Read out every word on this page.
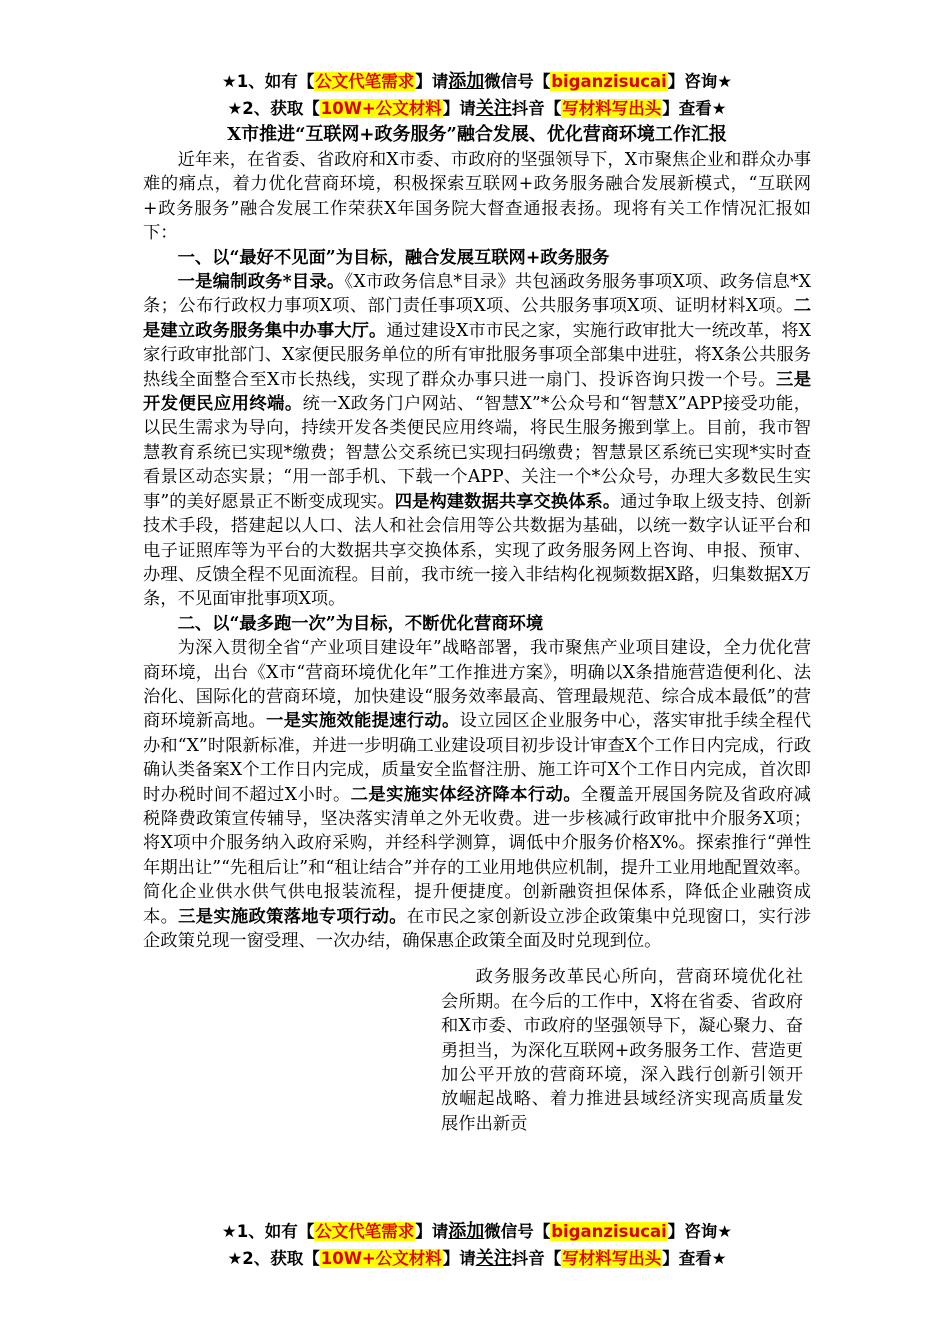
★1、如有【公文代笔需求】请添加微信号【biganzisucai】咨询★
★2、获取【10W+公文材料】请关注抖音【写材料写出头】查看★
X市推进“互联网+政务服务”融合发展、优化营商环境工作汇报

近年来，在省委、省政府和X市委、市政府的坚强领导下，X市聚焦企业和群众办事难的痛点，着力优化营商环境，积极探索互联网+政务服务融合发展新模式，“互联网+政务服务”融合发展工作荣获X年国务院大督查通报表扬。现将有关工作情况汇报如下：

一、以“最好不见面”为目标，融合发展互联网+政务服务

一是编制政务*目录。《X市政务信息*目录》共包涵政务服务事项X项、政务信息*X条；公布行政权力事项X项、部门责任事项X项、公共服务事项X项、证明材料X项。二是建立政务服务集中办事大厅。通过建设X市市民之家，实施行政审批大一统改革，将X家行政审批部门、X家便民服务单位的所有审批服务事项全部集中进驻，将X条公共服务热线全面整合至X市长热线，实现了群众办事只进一扇门、投诉咨询只拨一个号。三是开发便民应用终端。统一X政务门户网站、“智慧X”*公众号和“智慧X”APP接受功能，以民生需求为导向，持续开发各类便民应用终端，将民生服务搬到掌上。目前，我市智慧教育系统已实现*缴费；智慧公交系统已实现扫码缴费；智慧景区系统已实现*实时查看景区动态实景；“用一部手机、下载一个APP、关注一个*公众号，办理大多数民生实事”的美好愿景正不断变成现实。四是构建数据共享交换体系。通过争取上级支持、创新技术手段，搭建起以人口、法人和社会信用等公共数据为基础，以统一数字认证平台和电子证照库等为平台的大数据共享交换体系，实现了政务服务网上咨询、申报、预审、办理、反馈全程不见面流程。目前，我市统一接入非结构化视频数据X路，归集数据X万条，不见面审批事项X项。

二、以“最多跑一次”为目标，不断优化营商环境

为深入贯彻全省“产业项目建设年”战略部署，我市聚焦产业项目建设，全力优化营商环境，出台《X市“营商环境优化年”工作推进方案》，明确以X条措施营造便利化、法治化、国际化的营商环境，加快建设“服务效率最高、管理最规范、综合成本最低”的营商环境新高地。一是实施效能提速行动。设立园区企业服务中心，落实审批手续全程代办和“X”时限新标准，并进一步明确工业建设项目初步设计审查X个工作日内完成，行政确认类备案X个工作日内完成，质量安全监督注册、施工许可X个工作日内完成，首次即时办税时间不超过X小时。二是实施实体经济降本行动。全覆盖开展国务院及省政府减税降费政策宣传辅导，坚决落实清单之外无收费。进一步核减行政审批中介服务X项；将X项中介服务纳入政府采购，并经科学测算，调低中介服务价格X%。探索推行“弹性年期出让”“先租后让”和“租让结合”并存的工业用地供应机制，提升工业用地配置效率。简化企业供水供气供电报装流程，提升便捷度。创新融资担保体系，降低企业融资成本。三是实施政策落地专项行动。在市民之家创新设立涉企政策集中兑现窗口，实行涉企政策兑现一窗受理、一次办结，确保惠企政策全面及时兑现到位。

政务服务改革民心所向，营商环境优化社会所期。在今后的工作中，X将在省委、省政府和X市委、市政府的坚强领导下，凝心聚力、奋勇担当，为深化互联网+政务服务工作、营造更加公平开放的营商环境，深入践行创新引领开放崛起战略、着力推进县域经济实现高质量发展作出新贡

★1、如有【公文代笔需求】请添加微信号【biganzisucai】咨询★
★2、获取【10W+公文材料】请关注抖音【写材料写出头】查看★
